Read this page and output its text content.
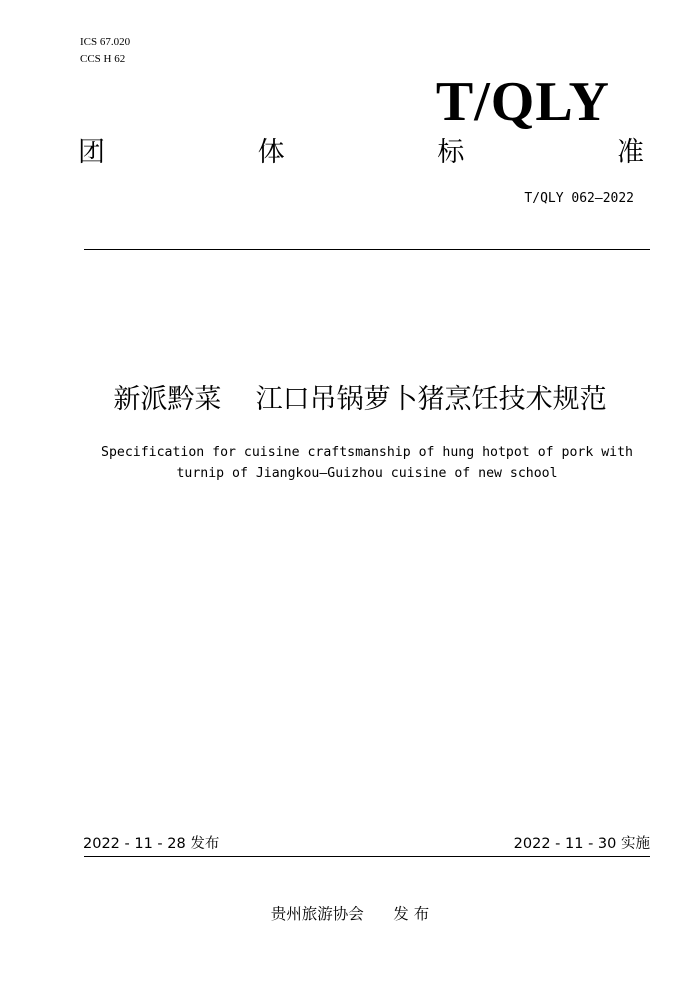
ICS 67.020
CCS H 62
T/QLY
团	体	标	准
T/QLY 062—2022
新派黔菜    江口吊锅萝卜猪烹饪技术规范
Specification for cuisine craftsmanship of hung hotpot of pork with
turnip of Jiangkou—Guizhou cuisine of new school
2022 - 11 - 28 发布	2022 - 11 - 30 实施
贵州旅游协会      发 布
